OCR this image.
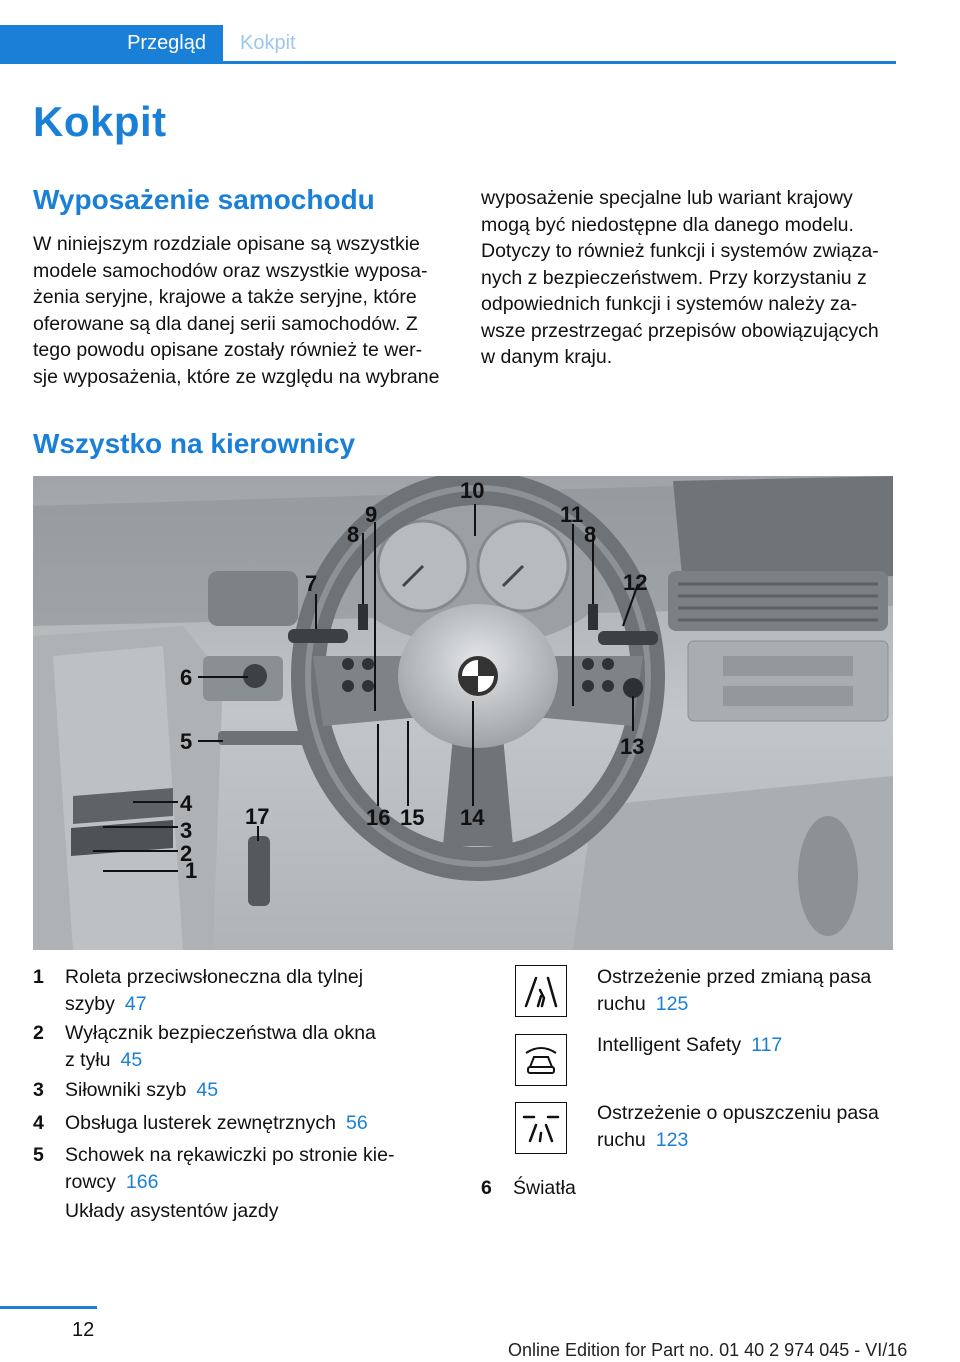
Przegląd	Kokpit
Kokpit
Wyposażenie samochodu

W niniejszym rozdziale opisane są wszystkie
modele samochodów oraz wszystkie wyposa‐
żenia seryjne, krajowe a także seryjne, które
oferowane są dla danej serii samochodów. Z
tego powodu opisane zostały również te wer‐
sje wyposażenia, które ze względu na wybrane

wyposażenie specjalne lub wariant krajowy
mogą być niedostępne dla danego modelu.
Dotyczy to również funkcji i systemów związa‐
nych z bezpieczeństwem. Przy korzystaniu z
odpowiednich funkcji i systemów należy za‐
wsze przestrzegać przepisów obowiązujących
w danym kraju.

Wszystko na kierownicy
1
2
3
4
5
6
7
8
9
10
11
8
12
13
14
15
16
17
1 Roleta przeciwsłoneczna dla tylnej
szyby 47
2 Wyłącznik bezpieczeństwa dla okna
z tyłu 45
3 Siłowniki szyb 45
4 Obsługa lusterek zewnętrznych 56
5 Schowek na rękawiczki po stronie kie‐
rowcy 166
Układy asystentów jazdy
Ostrzeżenie przed zmianą pasa
ruchu 125
Intelligent Safety 117
Ostrzeżenie o opuszczeniu pasa
ruchu 123
6 Światła
12
Online Edition for Part no. 01 40 2 974 045 - VI/16
